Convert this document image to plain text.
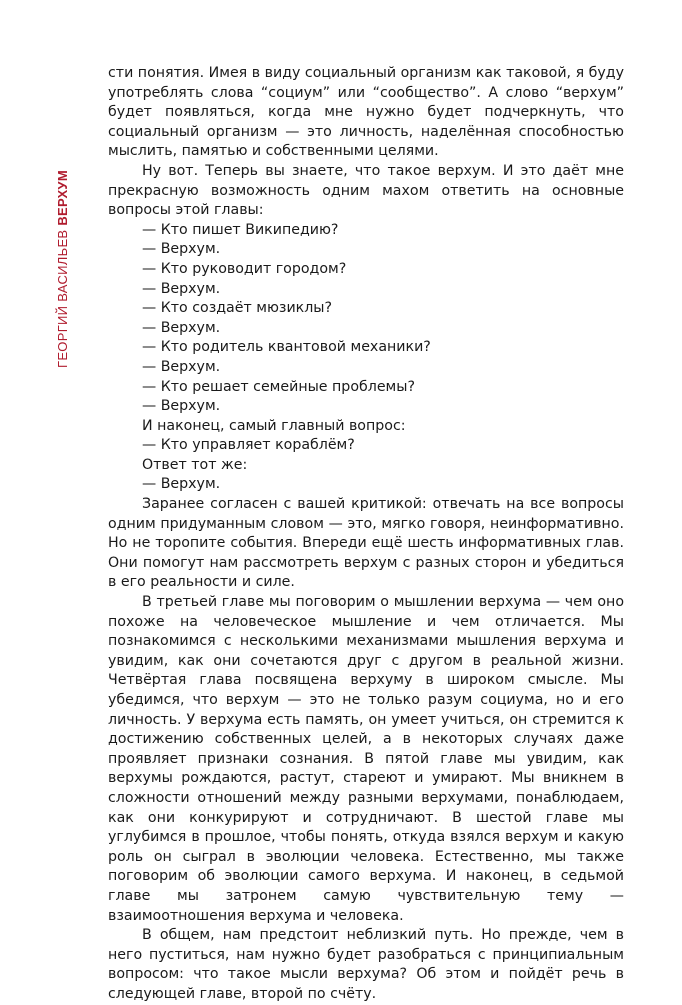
ГЕОРГИЙ ВАСИЛЬЕВ ВЕРХУМ

сти понятия. Имея в виду социальный организм как таковой, я буду употреблять слова “социум” или “сообщество”. А слово “верхум” будет появляться, когда мне нужно будет подчеркнуть, что социальный организм — это личность, наделённая способностью мыслить, памятью и собственными целями.

Ну вот. Теперь вы знаете, что такое верхум. И это даёт мне прекрасную возможность одним махом ответить на основные вопросы этой главы:

— Кто пишет Википедию?

— Верхум.

— Кто руководит городом?

— Верхум.

— Кто создаёт мюзиклы?

— Верхум.

— Кто родитель квантовой механики?

— Верхум.

— Кто решает семейные проблемы?

— Верхум.

И наконец, самый главный вопрос:

— Кто управляет кораблём?

Ответ тот же:

— Верхум.

Заранее согласен с вашей критикой: отвечать на все вопросы одним придуманным словом — это, мягко говоря, неинформативно. Но не торопите события. Впереди ещё шесть информативных глав. Они помогут нам рассмотреть верхум с разных сторон и убедиться в его реальности и силе.

В третьей главе мы поговорим о мышлении верхума — чем оно похоже на человеческое мышление и чем отличается. Мы познакомимся с несколькими механизмами мышления верхума и увидим, как они сочетаются друг с другом в реальной жизни. Четвёртая глава посвящена верхуму в широком смысле. Мы убедимся, что верхум — это не только разум социума, но и его личность. У верхума есть память, он умеет учиться, он стремится к достижению собственных целей, а в некоторых случаях даже проявляет признаки сознания. В пятой главе мы увидим, как верхумы рождаются, растут, стареют и умирают. Мы вникнем в сложности отношений между разными верхумами, понаблюдаем, как они конкурируют и сотрудничают. В шестой главе мы углубимся в прошлое, чтобы понять, откуда взялся верхум и какую роль он сыграл в эволюции человека. Естественно, мы также поговорим об эволюции самого верхума. И наконец, в седьмой главе мы затронем самую чувствительную тему — взаимоотношения верхума и человека.

В общем, нам предстоит неблизкий путь. Но прежде, чем в него пуститься, нам нужно будет разобраться с принципиальным вопросом: что такое мысли верхума? Об этом и пойдёт речь в следующей главе, второй по счёту.
